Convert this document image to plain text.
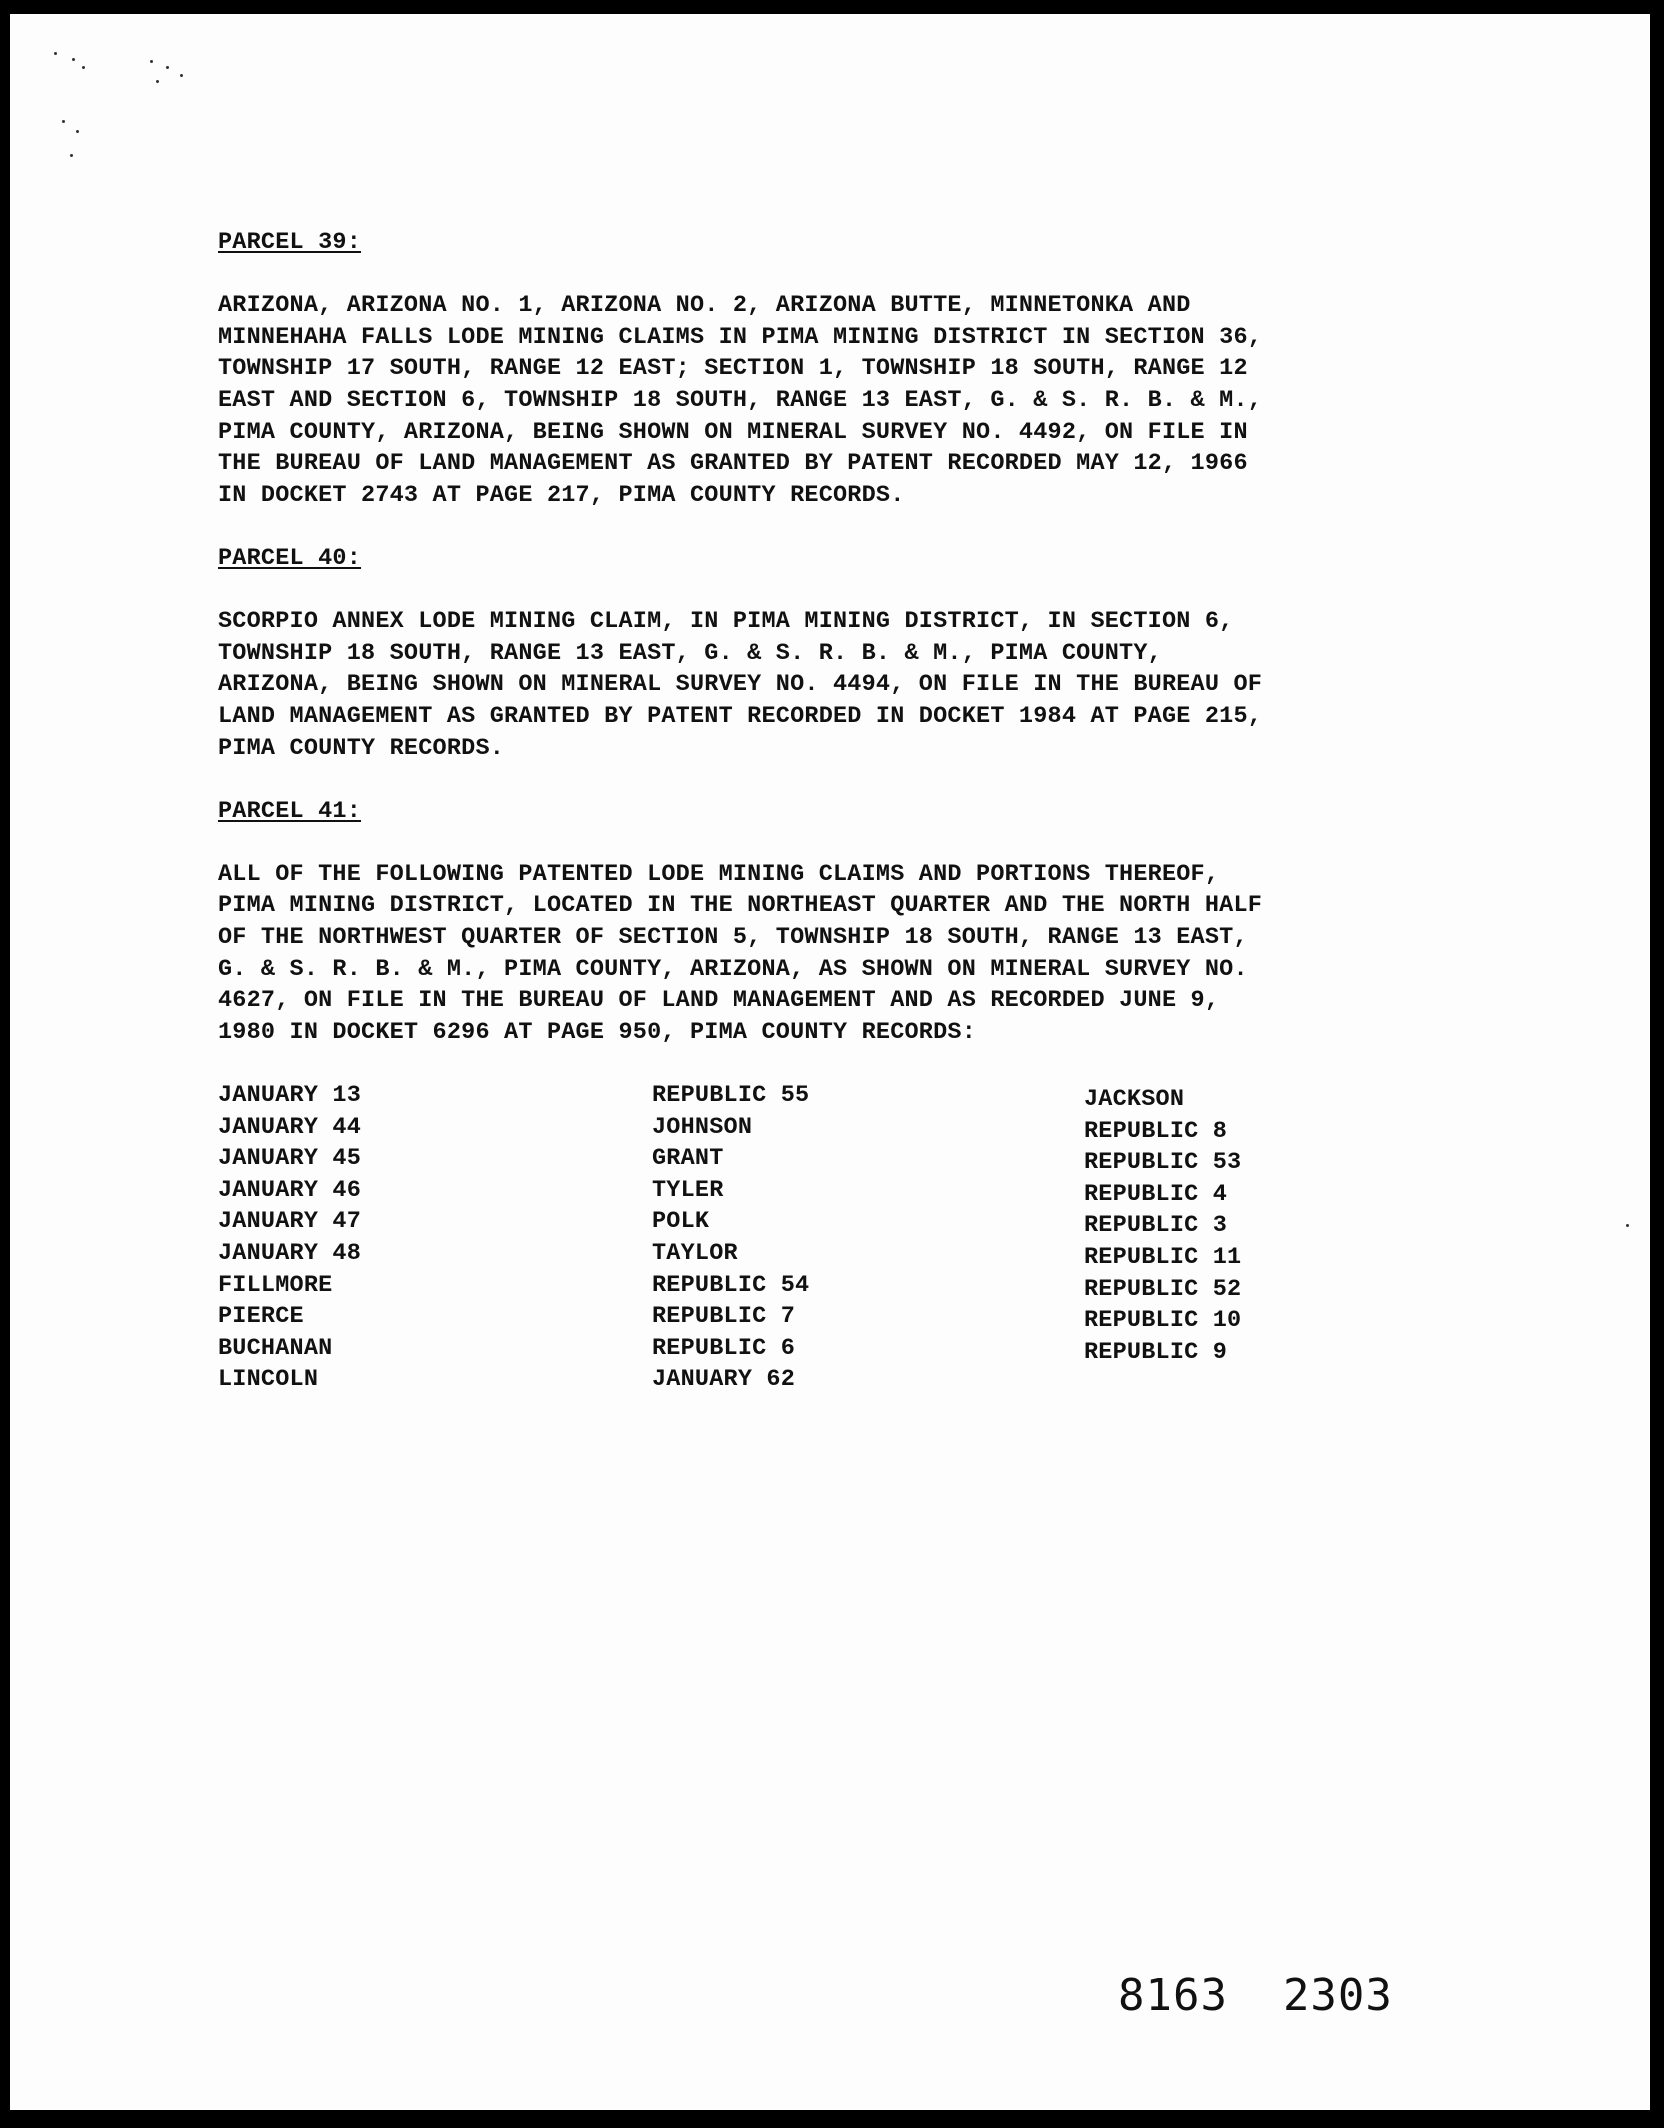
PARCEL 39:
ARIZONA, ARIZONA NO. 1, ARIZONA NO. 2, ARIZONA BUTTE, MINNETONKA AND
MINNEHAHA FALLS LODE MINING CLAIMS IN PIMA MINING DISTRICT IN SECTION 36,
TOWNSHIP 17 SOUTH, RANGE 12 EAST; SECTION 1, TOWNSHIP 18 SOUTH, RANGE 12
EAST AND SECTION 6, TOWNSHIP 18 SOUTH, RANGE 13 EAST, G. & S. R. B. & M.,
PIMA COUNTY, ARIZONA, BEING SHOWN ON MINERAL SURVEY NO. 4492, ON FILE IN
THE BUREAU OF LAND MANAGEMENT AS GRANTED BY PATENT RECORDED MAY 12, 1966
IN DOCKET 2743 AT PAGE 217, PIMA COUNTY RECORDS.
PARCEL 40:
SCORPIO ANNEX LODE MINING CLAIM, IN PIMA MINING DISTRICT, IN SECTION 6,
TOWNSHIP 18 SOUTH, RANGE 13 EAST, G. & S. R. B. & M., PIMA COUNTY,
ARIZONA, BEING SHOWN ON MINERAL SURVEY NO. 4494, ON FILE IN THE BUREAU OF
LAND MANAGEMENT AS GRANTED BY PATENT RECORDED IN DOCKET 1984 AT PAGE 215,
PIMA COUNTY RECORDS.
PARCEL 41:
ALL OF THE FOLLOWING PATENTED LODE MINING CLAIMS AND PORTIONS THEREOF,
PIMA MINING DISTRICT, LOCATED IN THE NORTHEAST QUARTER AND THE NORTH HALF
OF THE NORTHWEST QUARTER OF SECTION 5, TOWNSHIP 18 SOUTH, RANGE 13 EAST,
G. & S. R. B. & M., PIMA COUNTY, ARIZONA, AS SHOWN ON MINERAL SURVEY NO.
4627, ON FILE IN THE BUREAU OF LAND MANAGEMENT AND AS RECORDED JUNE 9,
1980 IN DOCKET 6296 AT PAGE 950, PIMA COUNTY RECORDS:
JANUARY 13
JANUARY 44
JANUARY 45
JANUARY 46
JANUARY 47
JANUARY 48
FILLMORE
PIERCE
BUCHANAN
LINCOLN
REPUBLIC 55
JOHNSON
GRANT
TYLER
POLK
TAYLOR
REPUBLIC 54
REPUBLIC 7
REPUBLIC 6
JANUARY 62
JACKSON
REPUBLIC 8
REPUBLIC 53
REPUBLIC 4
REPUBLIC 3
REPUBLIC 11
REPUBLIC 52
REPUBLIC 10
REPUBLIC 9
8163  2303
